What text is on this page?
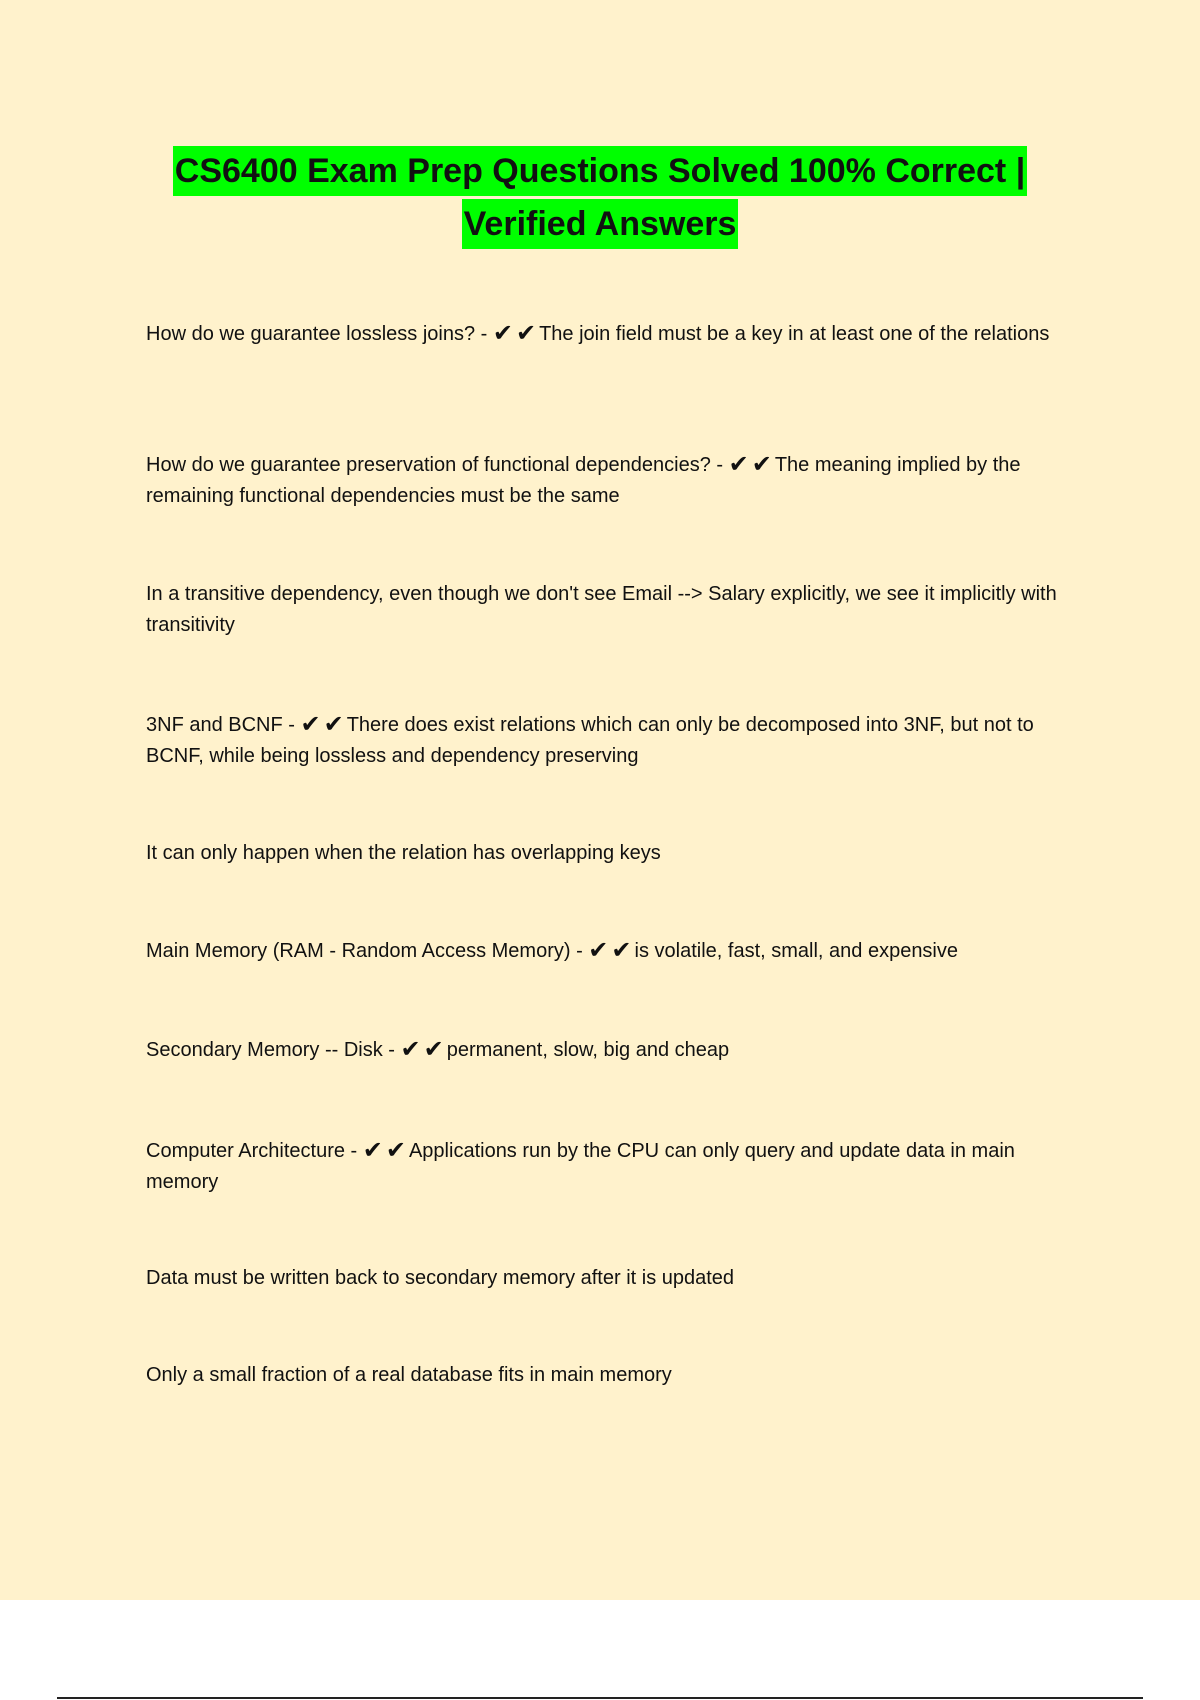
CS6400 Exam Prep Questions Solved 100% Correct |
Verified Answers
How do we guarantee lossless joins? - ✔ ✔ The join field must be a key in at least one of the relations
How do we guarantee preservation of functional dependencies? - ✔ ✔ The meaning implied by the remaining functional dependencies must be the same
In a transitive dependency, even though we don't see Email --> Salary explicitly, we see it implicitly with transitivity
3NF and BCNF - ✔ ✔ There does exist relations which can only be decomposed into 3NF, but not to BCNF, while being lossless and dependency preserving
It can only happen when the relation has overlapping keys
Main Memory (RAM - Random Access Memory) - ✔ ✔ is volatile, fast, small, and expensive
Secondary Memory -- Disk - ✔ ✔ permanent, slow, big and cheap
Computer Architecture - ✔ ✔ Applications run by the CPU can only query and update data in main memory
Data must be written back to secondary memory after it is updated
Only a small fraction of a real database fits in main memory
